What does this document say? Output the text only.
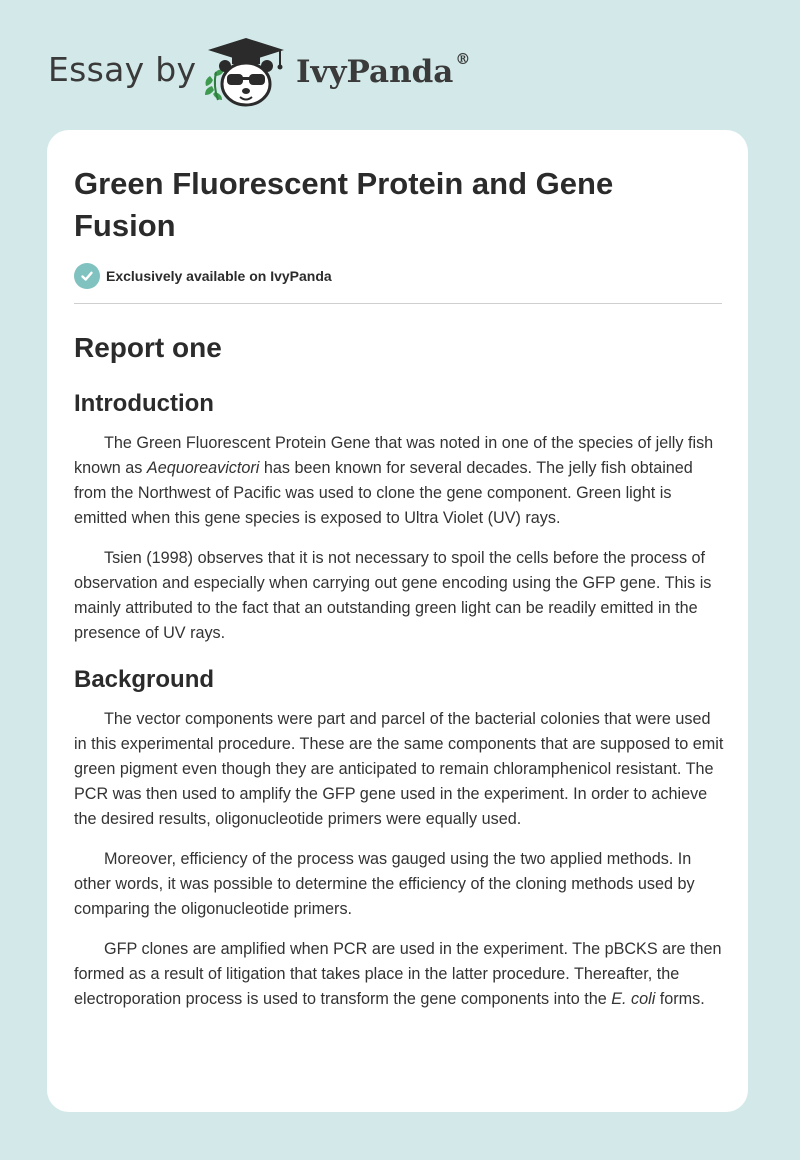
Essay by	IvyPanda ®
Green Fluorescent Protein and Gene Fusion
Exclusively available on IvyPanda
Report one
Introduction

The Green Fluorescent Protein Gene that was noted in one of the species of jelly fish known as Aequoreavictori has been known for several decades. The jelly fish obtained from the Northwest of Pacific was used to clone the gene component. Green light is emitted when this gene species is exposed to Ultra Violet (UV) rays.

Tsien (1998) observes that it is not necessary to spoil the cells before the process of observation and especially when carrying out gene encoding using the GFP gene. This is mainly attributed to the fact that an outstanding green light can be readily emitted in the presence of UV rays.

Background

The vector components were part and parcel of the bacterial colonies that were used in this experimental procedure. These are the same components that are supposed to emit green pigment even though they are anticipated to remain chloramphenicol resistant. The PCR was then used to amplify the GFP gene used in the experiment. In order to achieve the desired results, oligonucleotide primers were equally used.

Moreover, efficiency of the process was gauged using the two applied methods. In other words, it was possible to determine the efficiency of the cloning methods used by comparing the oligonucleotide primers.

GFP clones are amplified when PCR are used in the experiment. The pBCKS are then formed as a result of litigation that takes place in the latter procedure. Thereafter, the electroporation process is used to transform the gene components into the E. coli forms.
